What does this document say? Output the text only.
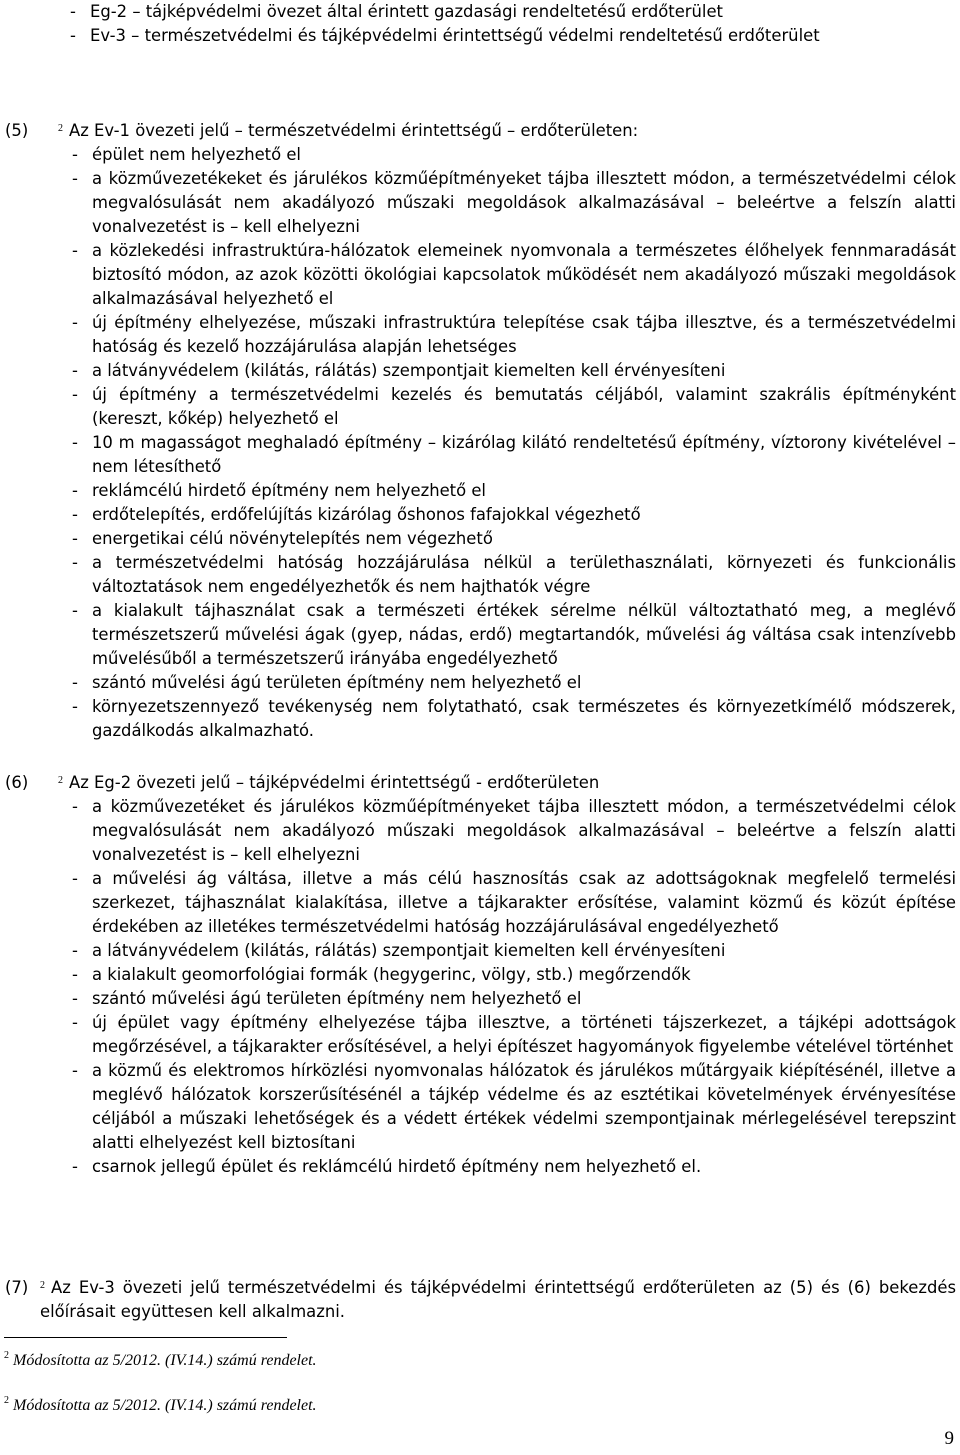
- Eg-2 – tájképvédelmi övezet által érintett gazdasági rendeltetésű erdőterület
- Ev-3 – természetvédelmi és tájképvédelmi érintettségű védelmi rendeltetésű erdőterület
(5)	$^2$ Az Ev-1 övezeti jelű – természetvédelmi érintettségű – erdőterületen:
- épület nem helyezhető el
- a közművezetékeket és járulékos közműépítményeket tájba illesztett módon, a természetvédelmi célok megvalósulását nem akadályozó műszaki megoldások alkalmazásával – beleértve a felszín alatti vonalvezetést is – kell elhelyezni
- a közlekedési infrastruktúra-hálózatok elemeinek nyomvonala a természetes élőhelyek fennmaradását biztosító módon, az azok közötti ökológiai kapcsolatok működését nem akadályozó műszaki megoldások alkalmazásával helyezhető el
- új építmény elhelyezése, műszaki infrastruktúra telepítése csak tájba illesztve, és a természetvédelmi hatóság és kezelő hozzájárulása alapján lehetséges
- a látványvédelem (kilátás, rálátás) szempontjait kiemelten kell érvényesíteni
- új építmény a természetvédelmi kezelés és bemutatás céljából, valamint szakrális építményként (kereszt, kőkép) helyezhető el
- 10 m magasságot meghaladó építmény – kizárólag kilátó rendeltetésű építmény, víztorony kivételével – nem létesíthető
- reklámcélú hirdető építmény nem helyezhető el
- erdőtelepítés, erdőfelújítás kizárólag őshonos fafajokkal végezhető
- energetikai célú növénytelepítés nem végezhető
- a természetvédelmi hatóság hozzájárulása nélkül a területhasználati, környezeti és funkcionális változtatások nem engedélyezhetők és nem hajthatók végre
- a kialakult tájhasználat csak a természeti értékek sérelme nélkül változtatható meg, a meglévő természetszerű művelési ágak (gyep, nádas, erdő) megtartandók, művelési ág váltása csak intenzívebb művelésűből a természetszerű irányába engedélyezhető
- szántó művelési ágú területen építmény nem helyezhető el
- környezetszennyező tevékenység nem folytatható, csak természetes és környezetkímélő módszerek, gazdálkodás alkalmazható.
(6)	$^2$ Az Eg-2 övezeti jelű – tájképvédelmi érintettségű - erdőterületen
- a közművezetéket és járulékos közműépítményeket tájba illesztett módon, a természetvédelmi célok megvalósulását nem akadályozó műszaki megoldások alkalmazásával – beleértve a felszín alatti vonalvezetést is – kell elhelyezni
- a művelési ág váltása, illetve a más célú hasznosítás csak az adottságoknak megfelelő termelési szerkezet, tájhasználat kialakítása, illetve a tájkarakter erősítése, valamint közmű és közút építése érdekében az illetékes természetvédelmi hatóság hozzájárulásával engedélyezhető
- a látványvédelem (kilátás, rálátás) szempontjait kiemelten kell érvényesíteni
- a kialakult geomorfológiai formák (hegygerinc, völgy, stb.) megőrzendők
- szántó művelési ágú területen építmény nem helyezhető el
- új épület vagy építmény elhelyezése tájba illesztve, a történeti tájszerkezet, a tájképi adottságok megőrzésével, a tájkarakter erősítésével, a helyi építészet hagyományok figyelembe vételével történhet
- a közmű és elektromos hírközlési nyomvonalas hálózatok és járulékos műtárgyaik kiépítésénél, illetve a meglévő hálózatok korszerűsítésénél a tájkép védelme és az esztétikai követelmények érvényesítése céljából a műszaki lehetőségek és a védett értékek védelmi szempontjainak mérlegelésével terepszint alatti elhelyezést kell biztosítani
- csarnok jellegű épület és reklámcélú hirdető építmény nem helyezhető el.
(7) $^2$ Az Ev-3 övezeti jelű természetvédelmi és tájképvédelmi érintettségű erdőterületen az (5) és (6) bekezdés előírásait együttesen kell alkalmazni.
$^2$ Módosította az 5/2012. (IV.14.) számú rendelet.
$^2$ Módosította az 5/2012. (IV.14.) számú rendelet.
9
